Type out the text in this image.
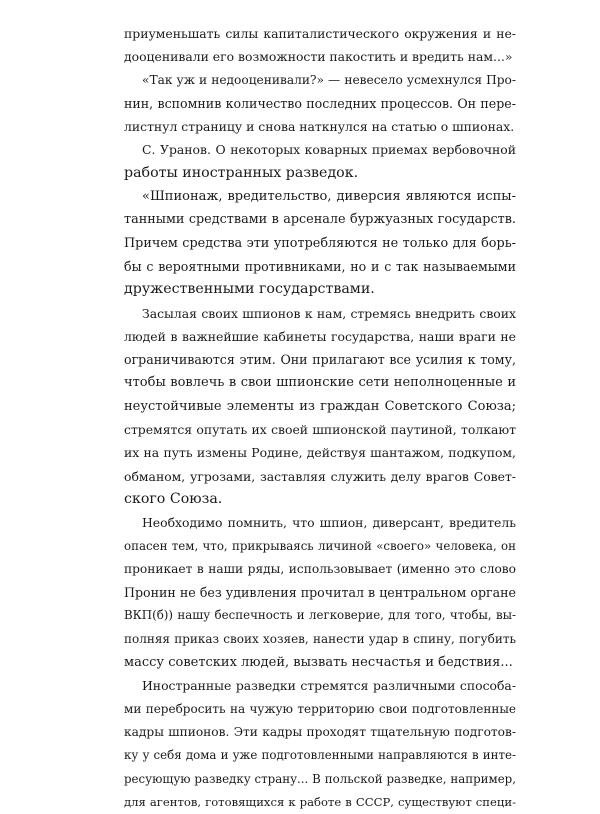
приуменьшать силы капиталистического окружения и не-
дооценивали его возможности пакостить и вредить нам...»
«Так уж и недооценивали?» — невесело усмехнулся Про-
нин, вспомнив количество последних процессов. Он пере-
листнул страницу и снова наткнулся на статью о шпионах.
С. Уранов. О некоторых коварных приемах вербовочной
работы иностранных разведок.
«Шпионаж, вредительство, диверсия являются испы-
танными средствами в арсенале буржуазных государств.
Причем средства эти употребляются не только для борь-
бы с вероятными противниками, но и с так называемыми
дружественными государствами.
Засылая своих шпионов к нам, стремясь внедрить своих
людей в важнейшие кабинеты государства, наши враги не
ограничиваются этим. Они прилагают все усилия к тому,
чтобы вовлечь в свои шпионские сети неполноценные и
неустойчивые элементы из граждан Советского Союза;
стремятся опутать их своей шпионской паутиной, толкают
их на путь измены Родине, действуя шантажом, подкупом,
обманом, угрозами, заставляя служить делу врагов Совет-
ского Союза.
Необходимо помнить, что шпион, диверсант, вредитель
опасен тем, что, прикрываясь личиной «своего» человека, он
проникает в наши ряды, использовывает (именно это слово
Пронин не без удивления прочитал в центральном органе
ВКП(б)) нашу беспечность и легковерие, для того, чтобы, вы-
полняя приказ своих хозяев, нанести удар в спину, погубить
массу советских людей, вызвать несчастья и бедствия...
Иностранные разведки стремятся различными способа-
ми перебросить на чужую территорию свои подготовленные
кадры шпионов. Эти кадры проходят тщательную подготов-
ку у себя дома и уже подготовленными направляются в инте-
ресующую разведку страну... В польской разведке, например,
для агентов, готовящихся к работе в СССР, существуют специ-
